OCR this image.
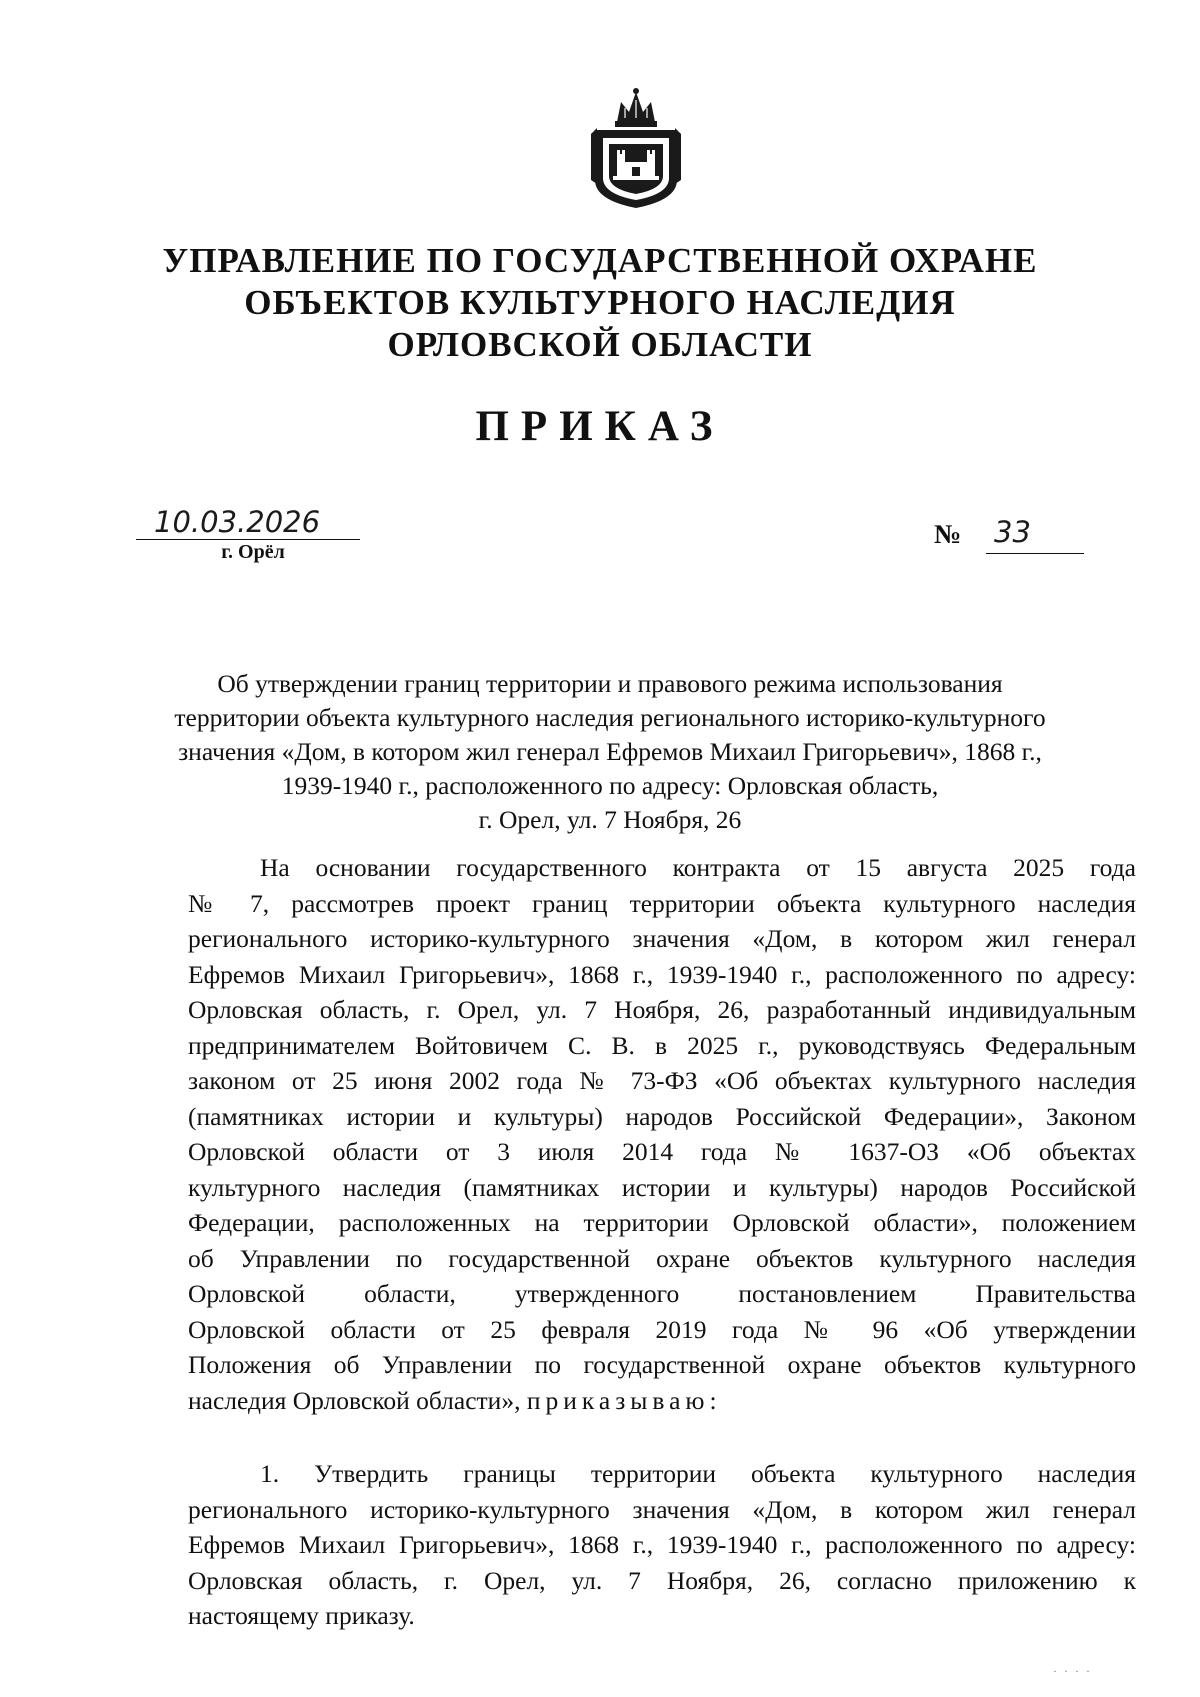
УПРАВЛЕНИЕ ПО ГОСУДАРСТВЕННОЙ ОХРАНЕ
ОБЪЕКТОВ КУЛЬТУРНОГО НАСЛЕДИЯ
ОРЛОВСКОЙ ОБЛАСТИ
ПРИКАЗ
10.03.2026
г. Орёл
№ 33
Об утверждении границ территории и правового режима использования
территории объекта культурного наследия регионального историко-культурного
значения «Дом, в котором жил генерал Ефремов Михаил Григорьевич», 1868 г.,
1939-1940 г., расположенного по адресу: Орловская область,
г. Орел, ул. 7 Ноября, 26

На основании государственного контракта от 15 августа 2025 года
№ 7, рассмотрев проект границ территории объекта культурного наследия
регионального историко-культурного значения «Дом, в котором жил генерал
Ефремов Михаил Григорьевич», 1868 г., 1939-1940 г., расположенного по адресу:
Орловская область, г. Орел, ул. 7 Ноября, 26, разработанный индивидуальным
предпринимателем Войтовичем С. В. в 2025 г., руководствуясь Федеральным
законом от 25 июня 2002 года № 73-ФЗ «Об объектах культурного наследия
(памятниках истории и культуры) народов Российской Федерации», Законом
Орловской области от 3 июля 2014 года № 1637-ОЗ «Об объектах
культурного наследия (памятниках истории и культуры) народов Российской
Федерации, расположенных на территории Орловской области», положением
об Управлении по государственной охране объектов культурного наследия
Орловской области, утвержденного постановлением Правительства
Орловской области от 25 февраля 2019 года № 96 «Об утверждении
Положения об Управлении по государственной охране объектов культурного
наследия Орловской области», приказываю:

1. Утвердить границы территории объекта культурного наследия
регионального историко-культурного значения «Дом, в котором жил генерал
Ефремов Михаил Григорьевич», 1868 г., 1939-1940 г., расположенного по адресу:
Орловская область, г. Орел, ул. 7 Ноября, 26, согласно приложению к
настоящему приказу.

· · · ·
